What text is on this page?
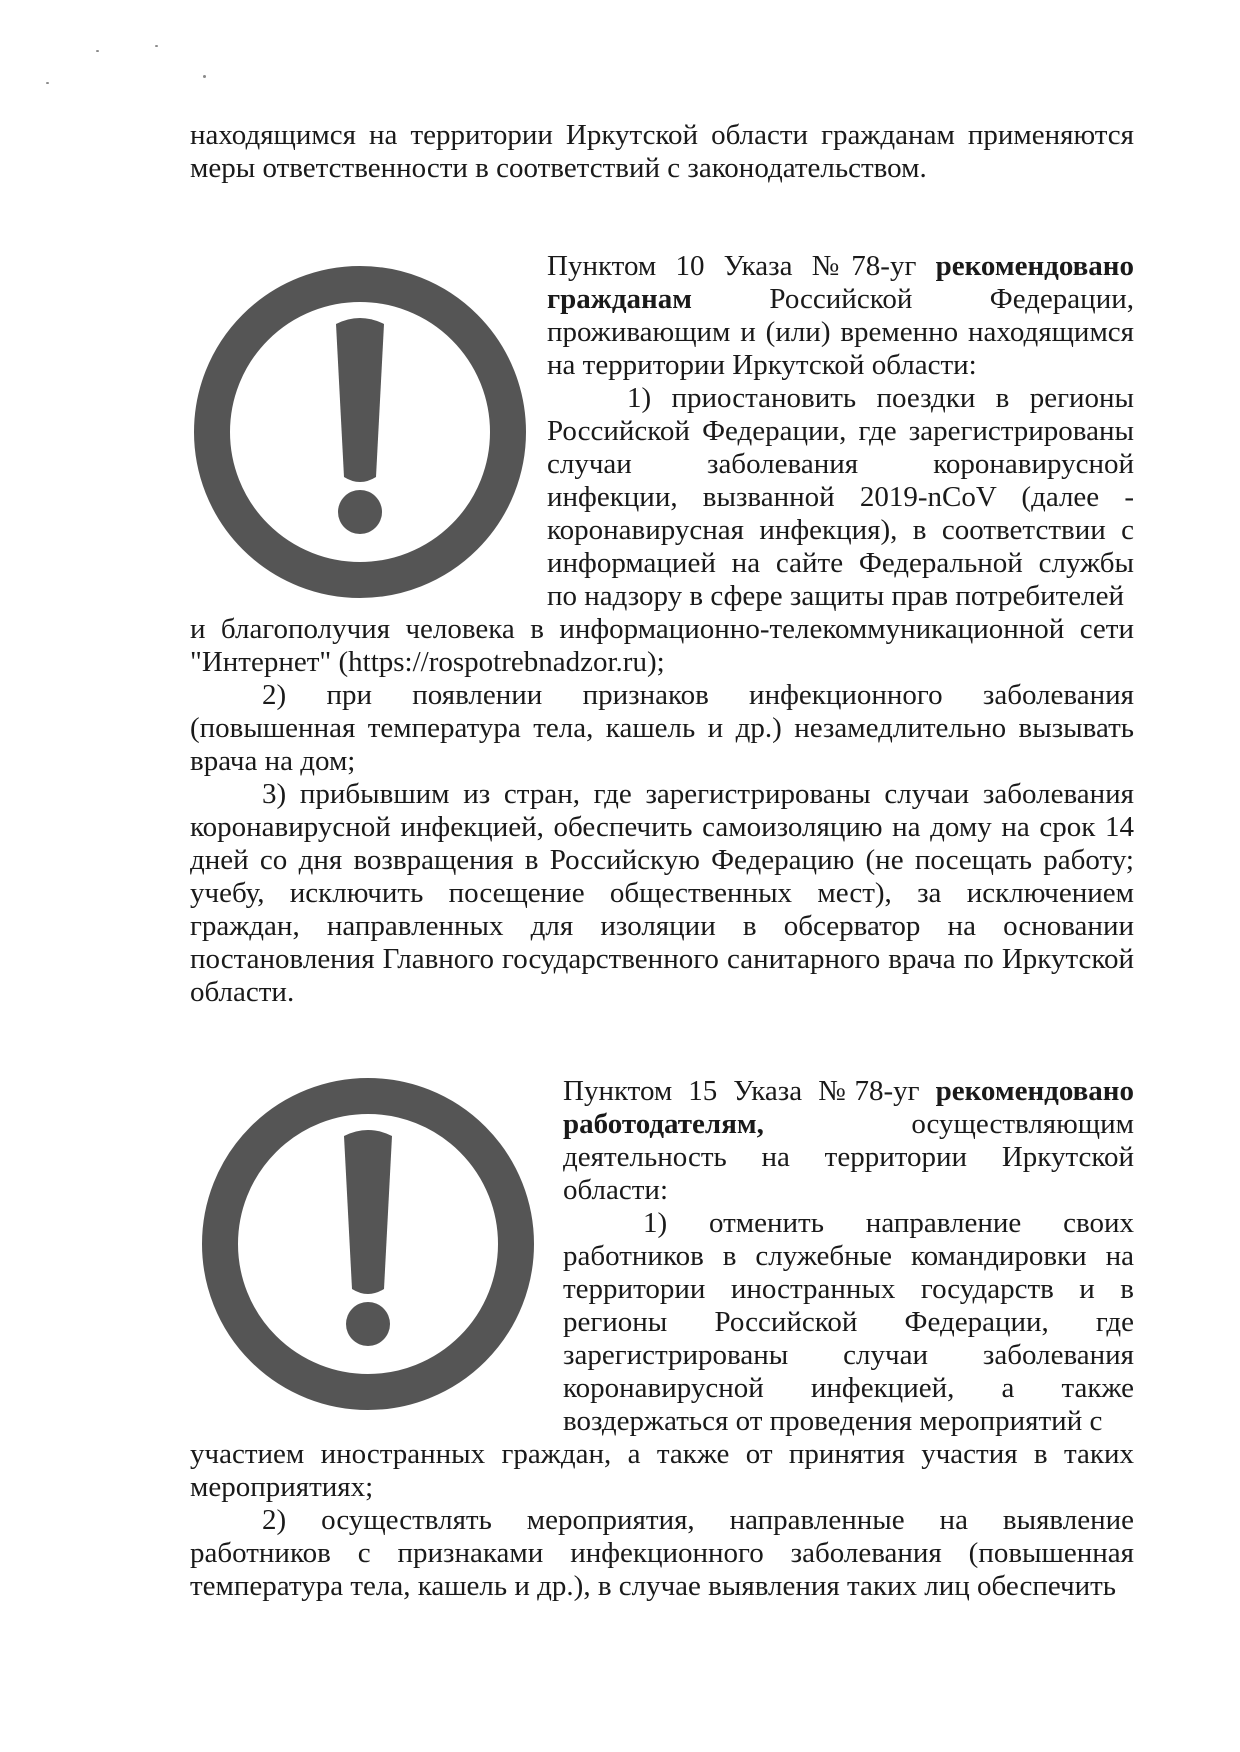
находящимся на территории Иркутской области гражданам применяются меры ответственности в соответствий с законодательством.

Пунктом 10 Указа №78-уг рекомендовано гражданам Российской Федерации, проживающим и (или) временно находящимся на территории Иркутской области:

1) приостановить поездки в регионы Российской Федерации, где зарегистрированы случаи заболевания коронавирусной инфекции, вызванной 2019-nCoV (далее - коронавирусная инфекция), в соответствии с информацией на сайте Федеральной службы по надзору в сфере защиты прав потребителей

и благополучия человека в информационно-телекоммуникационной сети "Интернет" (https://rospotrebnadzor.ru);

2) при появлении признаков инфекционного заболевания (повышенная температура тела, кашель и др.) незамедлительно вызывать врача на дом;

3) прибывшим из стран, где зарегистрированы случаи заболевания коронавирусной инфекцией, обеспечить самоизоляцию на дому на срок 14 дней со дня возвращения в Российскую Федерацию (не посещать работу; учебу, исключить посещение общественных мест), за исключением граждан, направленных для изоляции в обсерватор на основании постановления Главного государственного санитарного врача по Иркутской области.

Пунктом 15 Указа №78-уг рекомендовано работодателям, осуществляющим деятельность на территории Иркутской области:

1) отменить направление своих работников в служебные командировки на территории иностранных государств и в регионы Российской Федерации, где зарегистрированы случаи заболевания коронавирусной инфекцией, а также воздержаться от проведения мероприятий с

участием иностранных граждан, а также от принятия участия в таких мероприятиях;

2) осуществлять мероприятия, направленные на выявление работников с признаками инфекционного заболевания (повышенная температура тела, кашель и др.), в случае выявления таких лиц обеспечить
